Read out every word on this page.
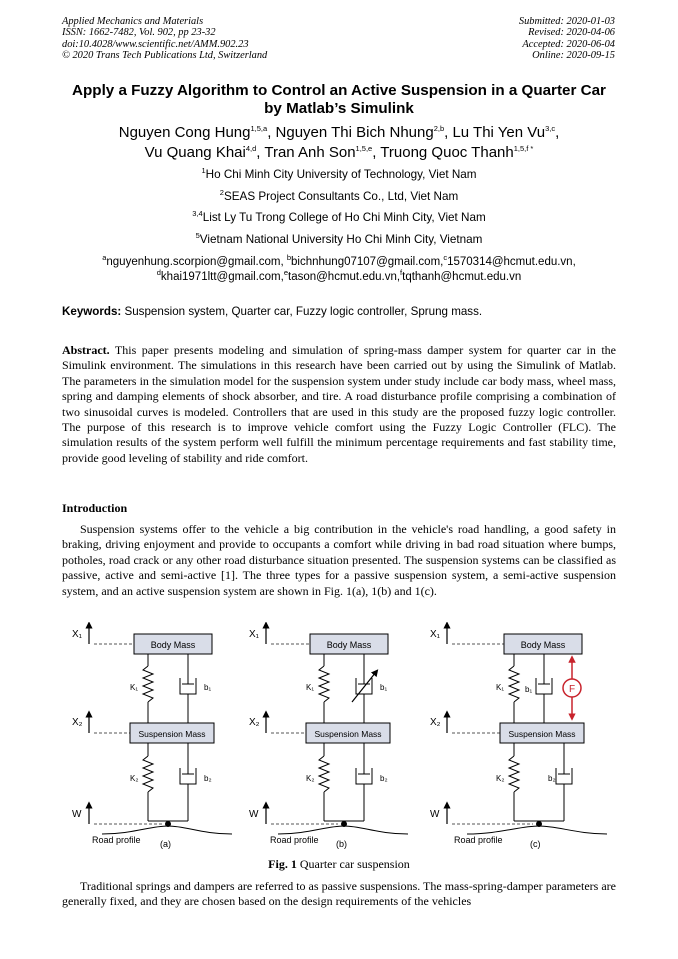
Applied Mechanics and Materials
ISSN: 1662-7482, Vol. 902, pp 23-32
doi:10.4028/www.scientific.net/AMM.902.23
© 2020 Trans Tech Publications Ltd, Switzerland
Submitted: 2020-01-03
Revised: 2020-04-06
Accepted: 2020-06-04
Online: 2020-09-15
Apply a Fuzzy Algorithm to Control an Active Suspension in a Quarter Car by Matlab’s Simulink
Nguyen Cong Hung$^{1,5,a}$, Nguyen Thi Bich Nhung$^{2,b}$, Lu Thi Yen Vu$^{3,c}$,
Vu Quang Khai$^{4,d}$, Tran Anh Son$^{1,5,e}$, Truong Quoc Thanh$^{1,5,f *}$
$^1$Ho Chi Minh City University of Technology, Viet Nam
$^2$SEAS Project Consultants Co., Ltd, Viet Nam
$^{3,4}$List Ly Tu Trong College of Ho Chi Minh City, Viet Nam
$^5$Vietnam National University Ho Chi Minh City, Vietnam
$^a$nguyenhung.scorpion@gmail.com, $^b$bichnhung07107@gmail.com,$^c$1570314@hcmut.edu.vn,
$^d$khai1971ltt@gmail.com,$^e$tason@hcmut.edu.vn,$^f$tqthanh@hcmut.edu.vn
Keywords: Suspension system, Quarter car, Fuzzy logic controller, Sprung mass.
Abstract. This paper presents modeling and simulation of spring-mass damper system for quarter car in the Simulink environment. The simulations in this research have been carried out by using the Simulink of Matlab. The parameters in the simulation model for the suspension system under study include car body mass, wheel mass, spring and damping elements of shock absorber, and tire. A road disturbance profile comprising a combination of two sinusoidal curves is modeled. Controllers that are used in this study are the proposed fuzzy logic controller. The purpose of this research is to improve vehicle comfort using the Fuzzy Logic Controller (FLC). The simulation results of the system perform well fulfill the minimum percentage requirements and fast stability time, provide good leveling of stability and ride comfort.
Introduction
Suspension systems offer to the vehicle a big contribution in the vehicle's road handling, a good safety in braking, driving enjoyment and provide to occupants a comfort while driving in bad road situation where bumps, potholes, road crack or any other road disturbance situation presented. The suspension systems can be classified as passive, active and semi-active [1]. The three types for a passive suspension system, a semi-active suspension system, and an active suspension system are shown in Fig. 1(a), 1(b) and 1(c).
X₁
Body Mass
K₁	b₁
X₂
Suspension Mass
K₂	b₂
W
Road profile (a)
X₁
Body Mass
K₁	b₁
X₂
Suspension Mass
K₂	b₂
W
Road profile (b)
X₁
Body Mass
K₁	b₁	F
X₂
Suspension Mass
K₂	b₂
W
Road profile	(c)
Fig. 1 Quarter car suspension
Traditional springs and dampers are referred to as passive suspensions. The mass-spring-damper parameters are generally fixed, and they are chosen based on the design requirements of the vehicles
